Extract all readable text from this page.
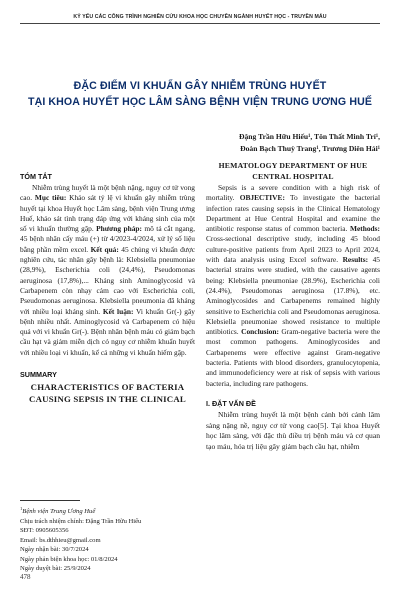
KỶ YẾU CÁC CÔNG TRÌNH NGHIÊN CỨU KHOA HỌC CHUYÊN NGÀNH HUYẾT HỌC - TRUYỀN MÁU
ĐẶC ĐIỂM VI KHUẨN GÂY NHIỄM TRÙNG HUYẾT
TẠI KHOA HUYẾT HỌC LÂM SÀNG BỆNH VIỆN TRUNG ƯƠNG HUẾ
Đặng Trần Hữu Hiếu¹, Tôn Thất Minh Trí¹,
Đoàn Bạch Thuỳ Trang¹, Trương Diên Hải¹
TÓM TẮT

Nhiễm trùng huyết là một bệnh nặng, nguy cơ tử vong cao. Mục tiêu: Khảo sát tỷ lệ vi khuẩn gây nhiễm trùng huyết tại khoa Huyết học Lâm sàng, bệnh viện Trung ương Huế, khảo sát tình trạng đáp ứng với kháng sinh của một số vi khuẩn thường gặp. Phương pháp: mô tả cắt ngang, 45 bệnh nhân cấy máu (+) từ 4/2023-4/2024, xử lý số liệu bằng phần mềm excel. Kết quả: 45 chủng vi khuẩn được nghiên cứu, tác nhân gây bệnh là: Klebsiella pneumoniae (28,9%), Escherichia coli (24,4%), Pseudomonas aeruginosa (17,8%),... Kháng sinh Aminoglycosid và Carbapenem còn nhạy cảm cao với Escherichia coli, Pseudomonas aeruginosa. Klebsiella pneumonia đã kháng với nhiều loại kháng sinh. Kết luận: Vi khuẩn Gr(-) gây bệnh nhiều nhất. Aminoglycosid và Carbapenem có hiệu quả với vi khuẩn Gr(-). Bệnh nhân bệnh máu có giảm bạch cầu hạt và giảm miễn dịch có nguy cơ nhiễm khuẩn huyết với nhiều loại vi khuẩn, kể cả những vi khuẩn hiếm gặp.

SUMMARY
CHARACTERISTICS OF BACTERIA CAUSING SEPSIS IN THE CLINICAL
HEMATOLOGY DEPARTMENT OF HUE CENTRAL HOSPITAL

Sepsis is a severe condition with a high risk of mortality. OBJECTIVE: To investigate the bacterial infection rates causing sepsis in the Clinical Hematology Department at Hue Central Hospital and examine the antibiotic response status of common bacteria. Methods: Cross-sectional descriptive study, including 45 blood culture-positive patients from April 2023 to April 2024, with data analysis using Excel software. Results: 45 bacterial strains were studied, with the causative agents being: Klebsiella pneumoniae (28.9%), Escherichia coli (24.4%), Pseudomonas aeruginosa (17.8%), etc. Aminoglycosides and Carbapenems remained highly sensitive to Escherichia coli and Pseudomonas aeruginosa. Klebsiella pneumoniae showed resistance to multiple antibiotics. Conclusion: Gram-negative bacteria were the most common pathogens. Aminoglycosides and Carbapenems were effective against Gram-negative bacteria. Patients with blood disorders, granulocytopenia, and immunodeficiency were at risk of sepsis with various bacteria, including rare pathogens.

I. ĐẶT VẤN ĐỀ

Nhiễm trùng huyết là một bệnh cảnh bởi cảnh lâm sàng nặng nề, nguy cơ tử vong cao[5]. Tại khoa Huyết học lâm sàng, với đặc thù điều trị bệnh máu và cơ quan tạo máu, hóa trị liệu gây giảm bạch cầu hạt, nhiễm

$^1$Bệnh viện Trung Ương Huế
Chịu trách nhiệm chính: Đặng Trần Hữu Hiếu
SĐT: 0905605356
Email: bs.dthhieu@gmail.com
Ngày nhận bài: 30/7/2024
Ngày phản biện khoa học: 01/8/2024
Ngày duyệt bài: 25/9/2024
478
